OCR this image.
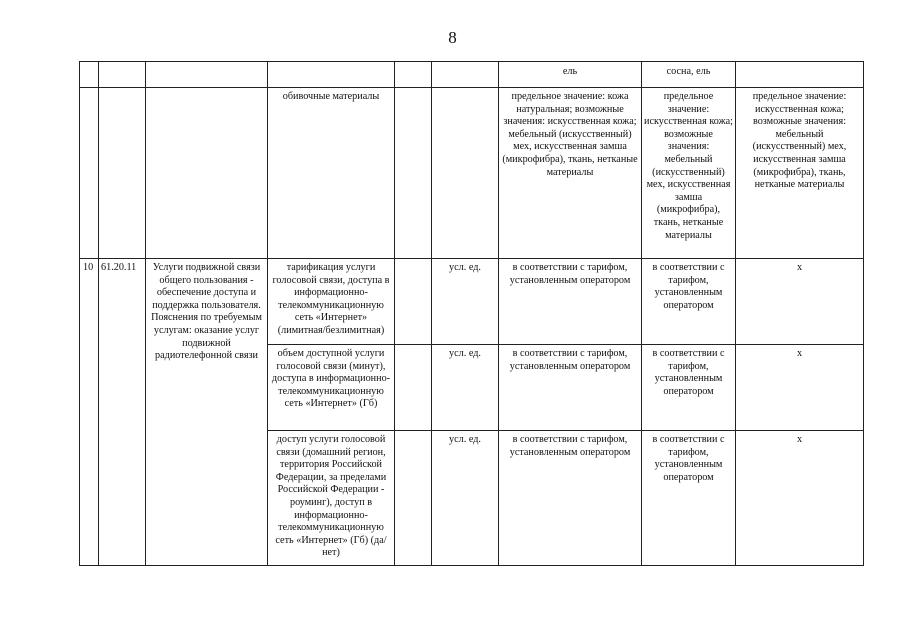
8
						ель	сосна, ель	
			обивочные материалы			предельное значение: кожа натуральная; возможные значения: искусственная кожа; мебельный (искусственный) мех, искусственная замша (микрофибра), ткань, нетканые материалы	предельное значение: искусственная кожа; возможные значения: мебельный (искусственный) мех, искусственная замша (микрофибра), ткань, нетканые материалы	предельное значение: искусственная кожа; возможные значения: мебельный (искусственный) мех, искусственная замша (микрофибра), ткань, нетканые материалы
10	61.20.11	Услуги подвижной связи общего пользования - обеспечение доступа и поддержка пользователя. Пояснения по требуемым услугам: оказание услуг подвижной радиотелефонной связи	тарификация услуги голосовой связи, доступа в информационно-телекоммуникационную сеть «Интернет» (лимитная/безлимитная)		усл. ед.	в соответствии с тарифом, установленным оператором	в соответствии с тарифом, установленным оператором	x
			объем доступной услуги голосовой связи (минут), доступа в информационно-телекоммуникационную сеть «Интернет» (Гб)		усл. ед.	в соответствии с тарифом, установленным оператором	в соответствии с тарифом, установленным оператором	x
			доступ услуги голосовой связи (домашний регион, территория Российской Федерации, за пределами Российской Федерации - роуминг), доступ в информационно-телекоммуникационную сеть «Интернет» (Гб) (да/нет)		усл. ед.	в соответствии с тарифом, установленным оператором	в соответствии с тарифом, установленным оператором	x
